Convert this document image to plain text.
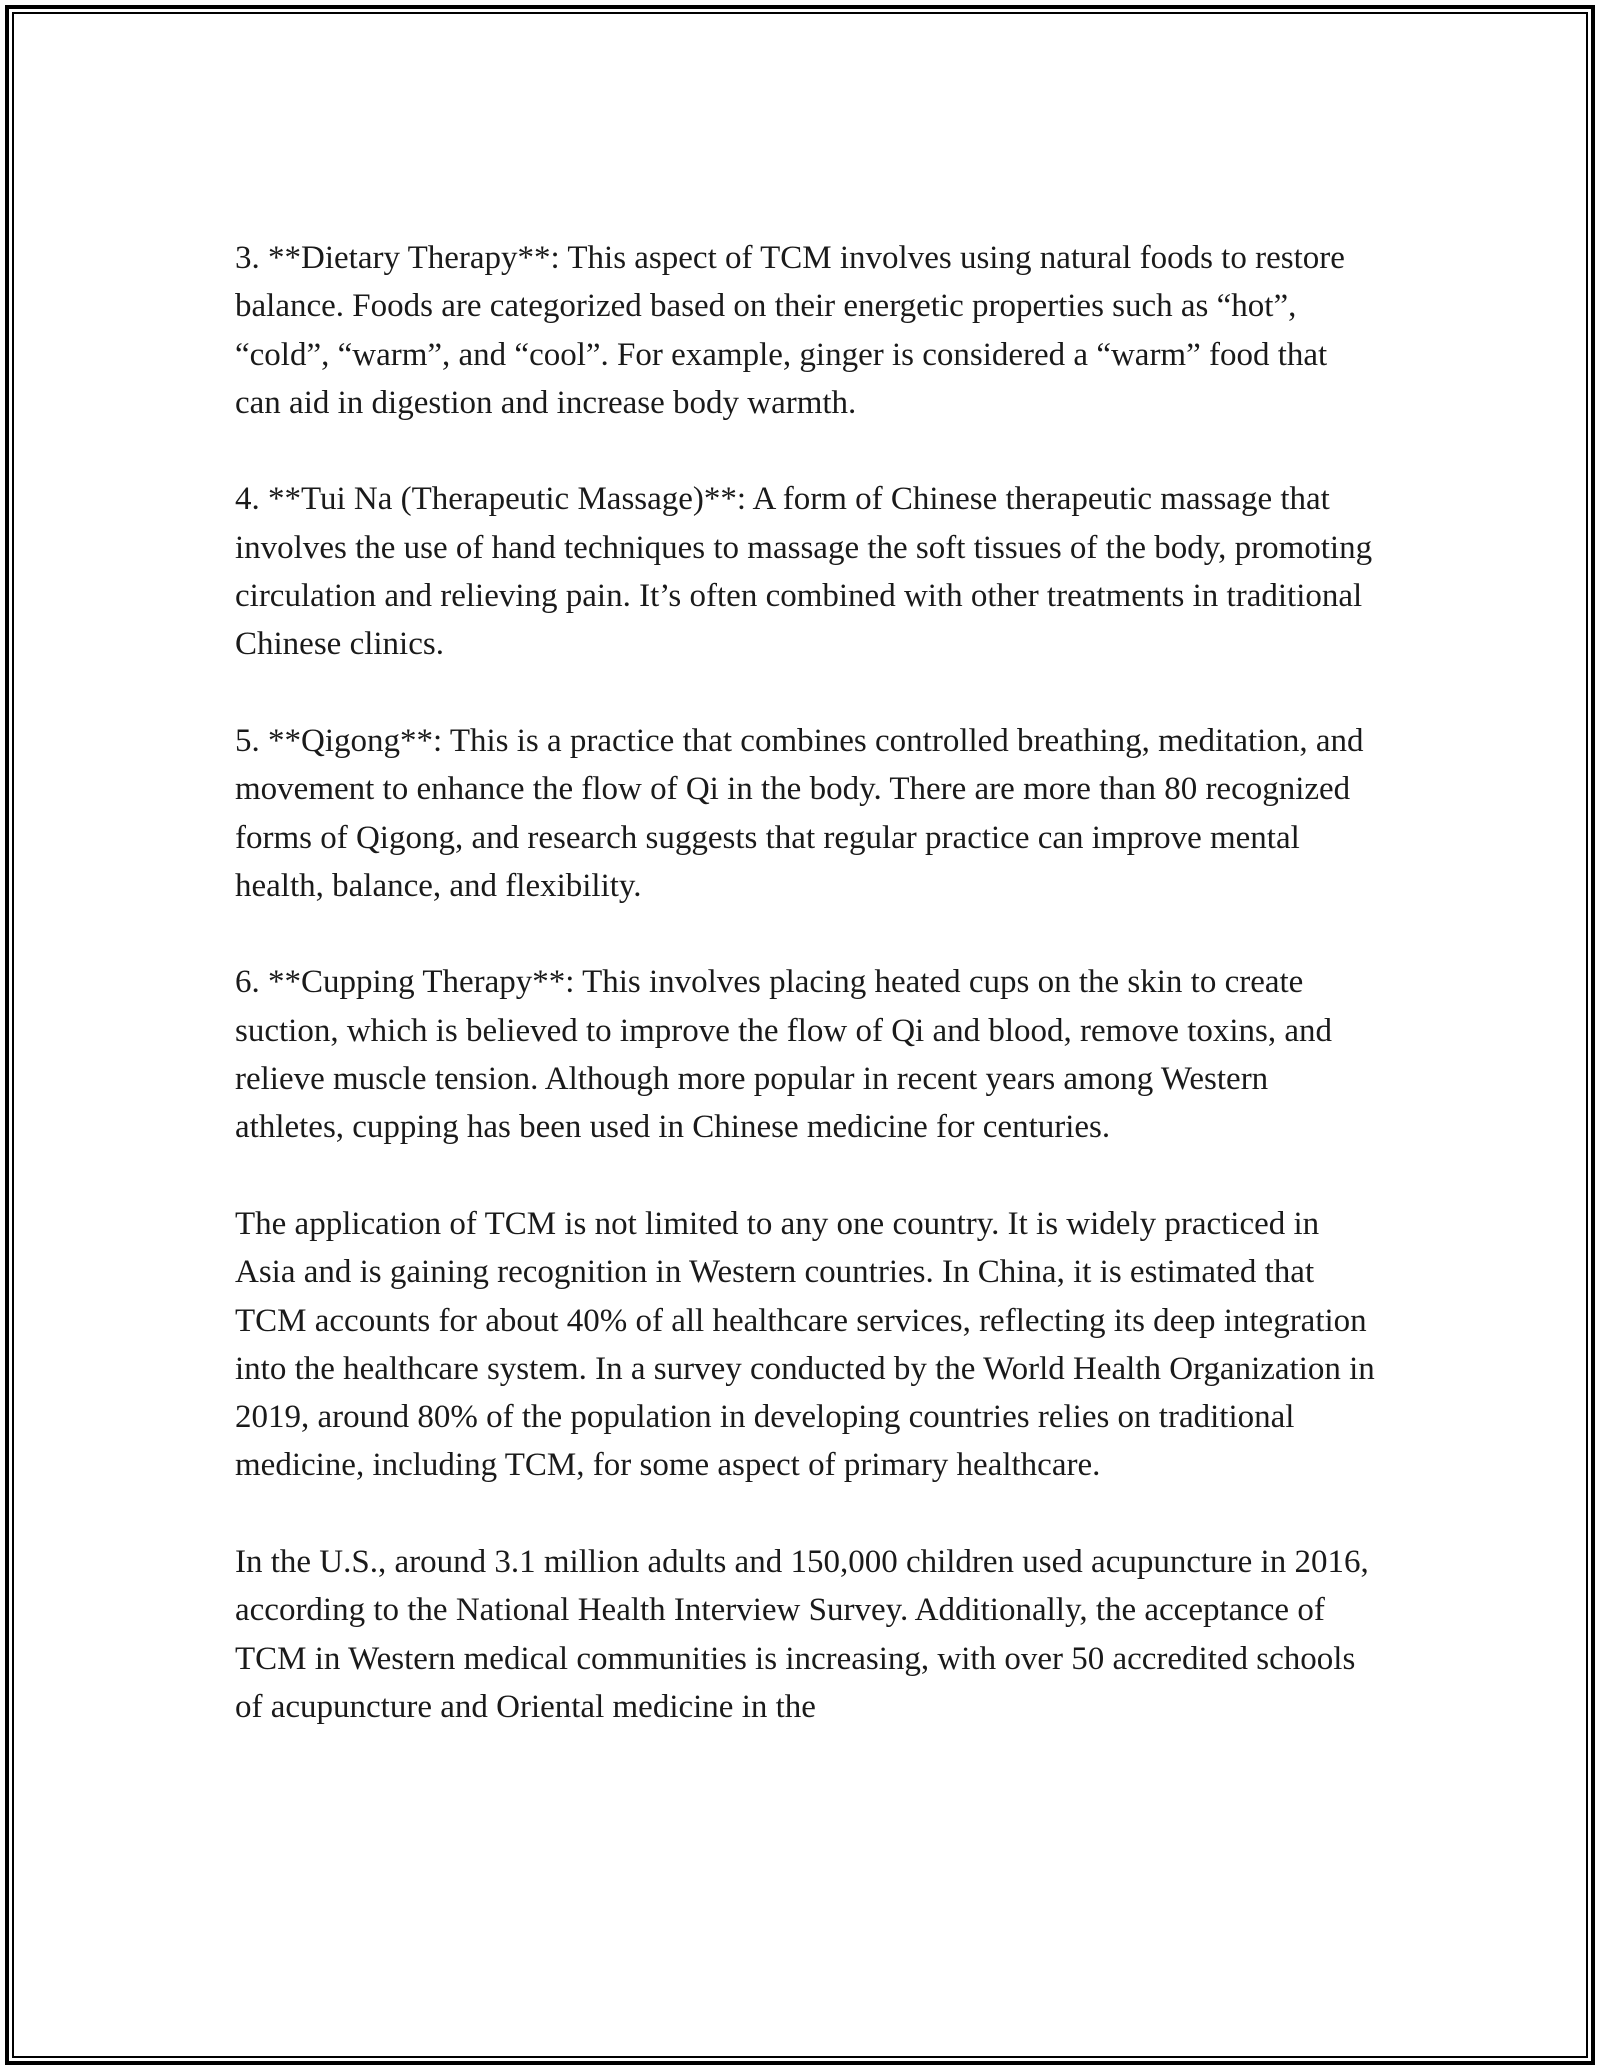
3. **Dietary Therapy**: This aspect of TCM involves using natural foods to restore balance. Foods are categorized based on their energetic properties such as “hot”, “cold”, “warm”, and “cool”. For example, ginger is considered a “warm” food that can aid in digestion and increase body warmth.

4. **Tui Na (Therapeutic Massage)**: A form of Chinese therapeutic massage that involves the use of hand techniques to massage the soft tissues of the body, promoting circulation and relieving pain. It’s often combined with other treatments in traditional Chinese clinics.

5. **Qigong**: This is a practice that combines controlled breathing, meditation, and movement to enhance the flow of Qi in the body. There are more than 80 recognized forms of Qigong, and research suggests that regular practice can improve mental health, balance, and flexibility.

6. **Cupping Therapy**: This involves placing heated cups on the skin to create suction, which is believed to improve the flow of Qi and blood, remove toxins, and relieve muscle tension. Although more popular in recent years among Western athletes, cupping has been used in Chinese medicine for centuries.

The application of TCM is not limited to any one country. It is widely practiced in Asia and is gaining recognition in Western countries. In China, it is estimated that TCM accounts for about 40% of all healthcare services, reflecting its deep integration into the healthcare system. In a survey conducted by the World Health Organization in 2019, around 80% of the population in developing countries relies on traditional medicine, including TCM, for some aspect of primary healthcare.

In the U.S., around 3.1 million adults and 150,000 children used acupuncture in 2016, according to the National Health Interview Survey. Additionally, the acceptance of TCM in Western medical communities is increasing, with over 50 accredited schools of acupuncture and Oriental medicine in the
